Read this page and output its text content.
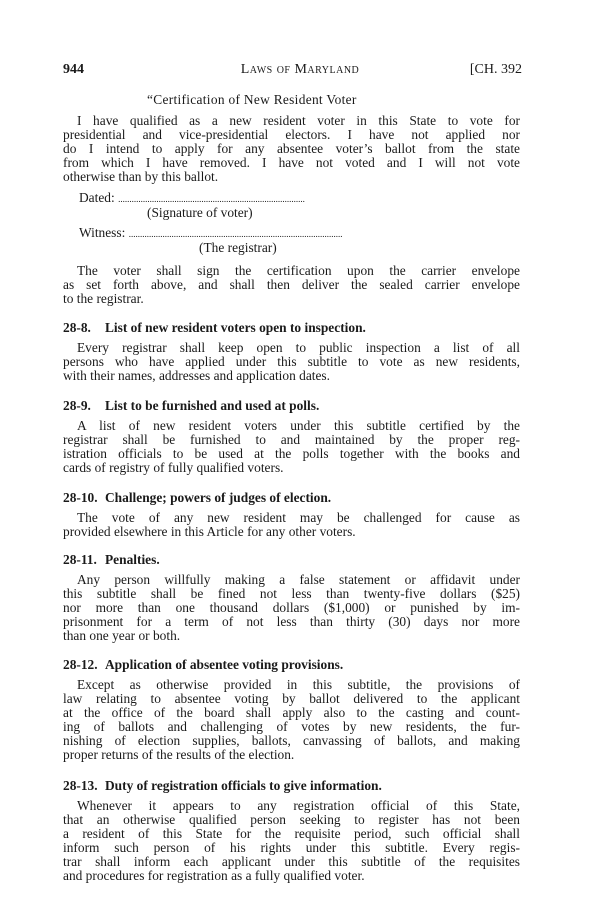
944	Laws of Maryland	[CH. 392
“Certification of New Resident Voter
I have qualified as a new resident voter in this State to vote for
presidential and vice-presidential electors. I have not applied nor
do I intend to apply for any absentee voter’s ballot from the state
from which I have removed. I have not voted and I will not vote
otherwise than by this ballot.
Dated: ...................................................................................
(Signature of voter)
Witness: ...............................................................................................
(The registrar)
The voter shall sign the certification upon the carrier envelope
as set forth above, and shall then deliver the sealed carrier envelope
to the registrar.
28-8. List of new resident voters open to inspection.
Every registrar shall keep open to public inspection a list of all
persons who have applied under this subtitle to vote as new residents,
with their names, addresses and application dates.
28-9. List to be furnished and used at polls.
A list of new resident voters under this subtitle certified by the
registrar shall be furnished to and maintained by the proper reg-
istration officials to be used at the polls together with the books and
cards of registry of fully qualified voters.
28-10. Challenge; powers of judges of election.
The vote of any new resident may be challenged for cause as
provided elsewhere in this Article for any other voters.
28-11. Penalties.
Any person willfully making a false statement or affidavit under
this subtitle shall be fined not less than twenty-five dollars ($25)
nor more than one thousand dollars ($1,000) or punished by im-
prisonment for a term of not less than thirty (30) days nor more
than one year or both.
28-12. Application of absentee voting provisions.
Except as otherwise provided in this subtitle, the provisions of
law relating to absentee voting by ballot delivered to the applicant
at the office of the board shall apply also to the casting and count-
ing of ballots and challenging of votes by new residents, the fur-
nishing of election supplies, ballots, canvassing of ballots, and making
proper returns of the results of the election.
28-13. Duty of registration officials to give information.
Whenever it appears to any registration official of this State,
that an otherwise qualified person seeking to register has not been
a resident of this State for the requisite period, such official shall
inform such person of his rights under this subtitle. Every regis-
trar shall inform each applicant under this subtitle of the requisites
and procedures for registration as a fully qualified voter.
